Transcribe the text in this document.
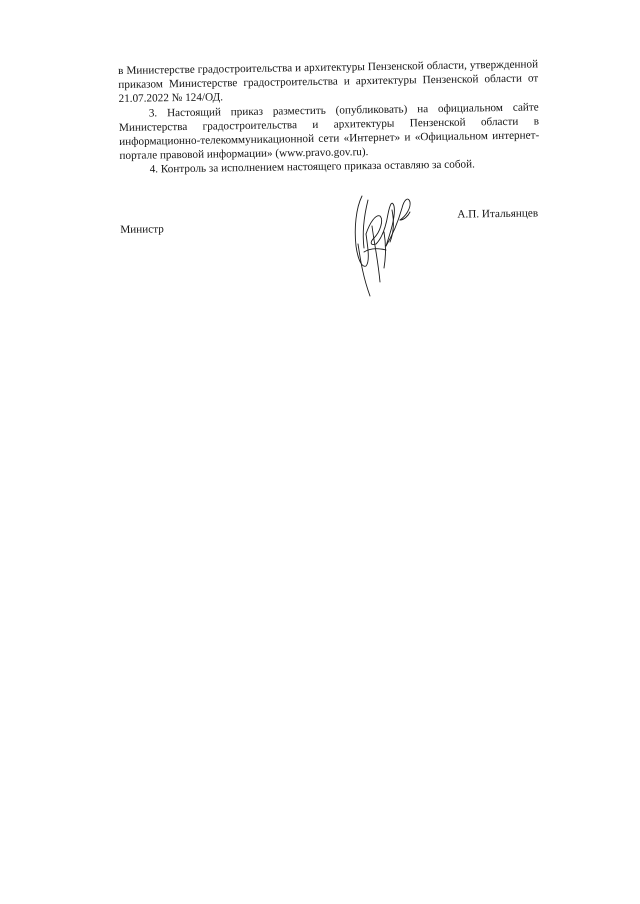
в Министерстве градостроительства и архитектуры Пензенской области, утвержденной приказом Министерстве градостроительства и архитектуры Пензенской области от 21.07.2022 № 124/ОД.

3. Настоящий приказ разместить (опубликовать) на официальном сайте Министерства градостроительства и архитектуры Пензенской области в информационно-телекоммуникационной сети «Интернет» и «Официальном интернет-портале правовой информации» (www.pravo.gov.ru).

4. Контроль за исполнением настоящего приказа оставляю за собой.

Министр
А.П. Итальянцев
